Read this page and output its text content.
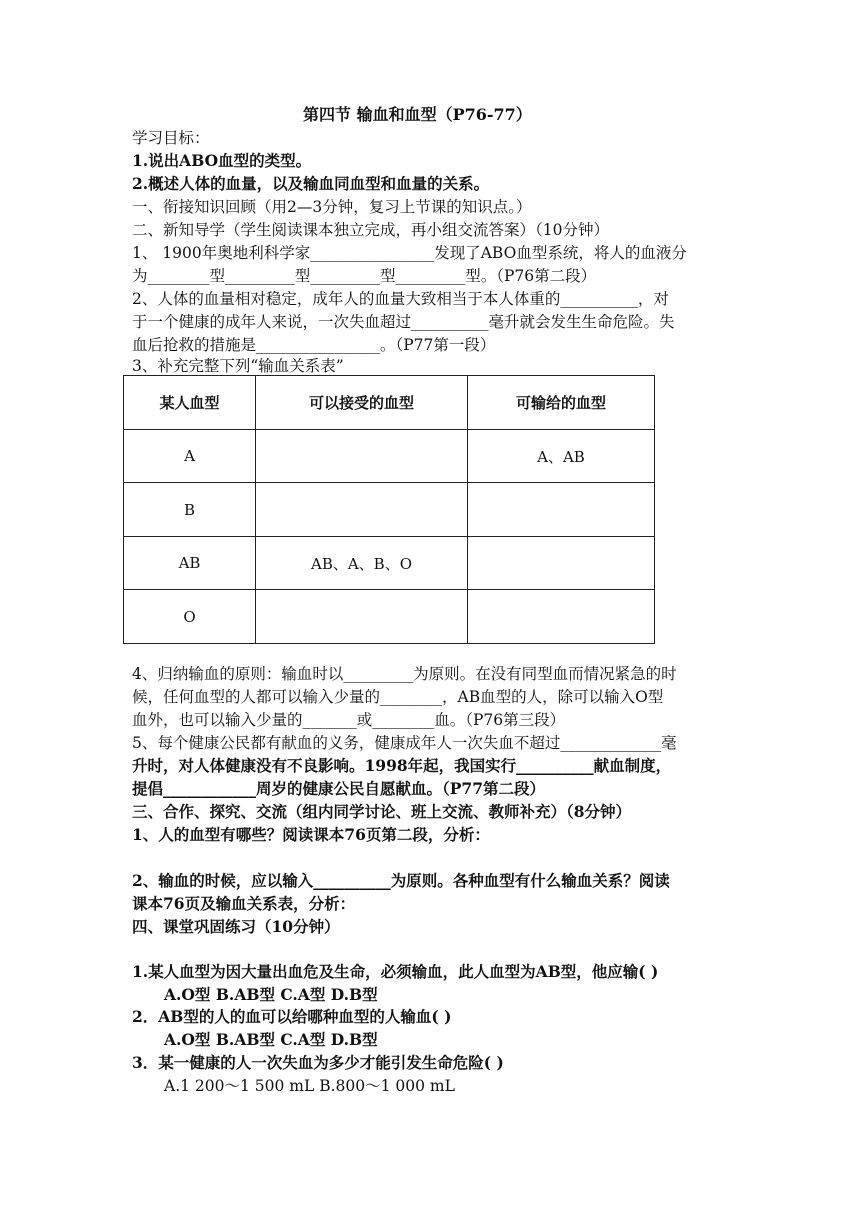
第四节 输血和血型（P76-77）
学习目标：
1.说出ABO血型的类型。
2.概述人体的血量，以及输血同血型和血量的关系。
一、衔接知识回顾（用2—3分钟，复习上节课的知识点。）
二、新知导学（学生阅读课本独立完成，再小组交流答案）（10分钟）
1、 1900年奥地利科学家________________发现了ABO血型系统，将人的血液分
为________型_________型_________型_________型。（P76第二段）
2、人体的血量相对稳定，成年人的血量大致相当于本人体重的__________，对
于一个健康的成年人来说，一次失血超过__________毫升就会发生生命危险。失
血后抢救的措施是________________。（P77第一段）
3、补充完整下列“输血关系表”
某人血型	可以接受的血型	可输给的血型
A		A、AB
B		
AB	AB、A、B、O	
O		
4、归纳输血的原则：输血时以_________为原则。在没有同型血而情况紧急的时
候，任何血型的人都可以输入少量的________，AB血型的人，除可以输入O型
血外，也可以输入少量的_______或________血。（P76第三段）
5、每个健康公民都有献血的义务，健康成年人一次失血不超过_____________毫
升时，对人体健康没有不良影响。1998年起，我国实行__________献血制度，
提倡____________周岁的健康公民自愿献血。（P77第二段）
三、合作、探究、交流（组内同学讨论、班上交流、教师补充）（8分钟）
1、人的血型有哪些？阅读课本76页第二段，分析：
2、输血的时候，应以输入__________为原则。各种血型有什么输血关系？阅读
课本76页及输血关系表，分析：
四、课堂巩固练习（10分钟）
1.某人血型为因大量出血危及生命，必须输血，此人血型为AB型，他应输( )
A.O型 B.AB型 C.A型 D.B型
2．AB型的人的血可以给哪种血型的人输血( )
A.O型 B.AB型 C.A型 D.B型
3．某一健康的人一次失血为多少才能引发生命危险( )
A.1 200～1 500 mL B.800～1 000 mL
